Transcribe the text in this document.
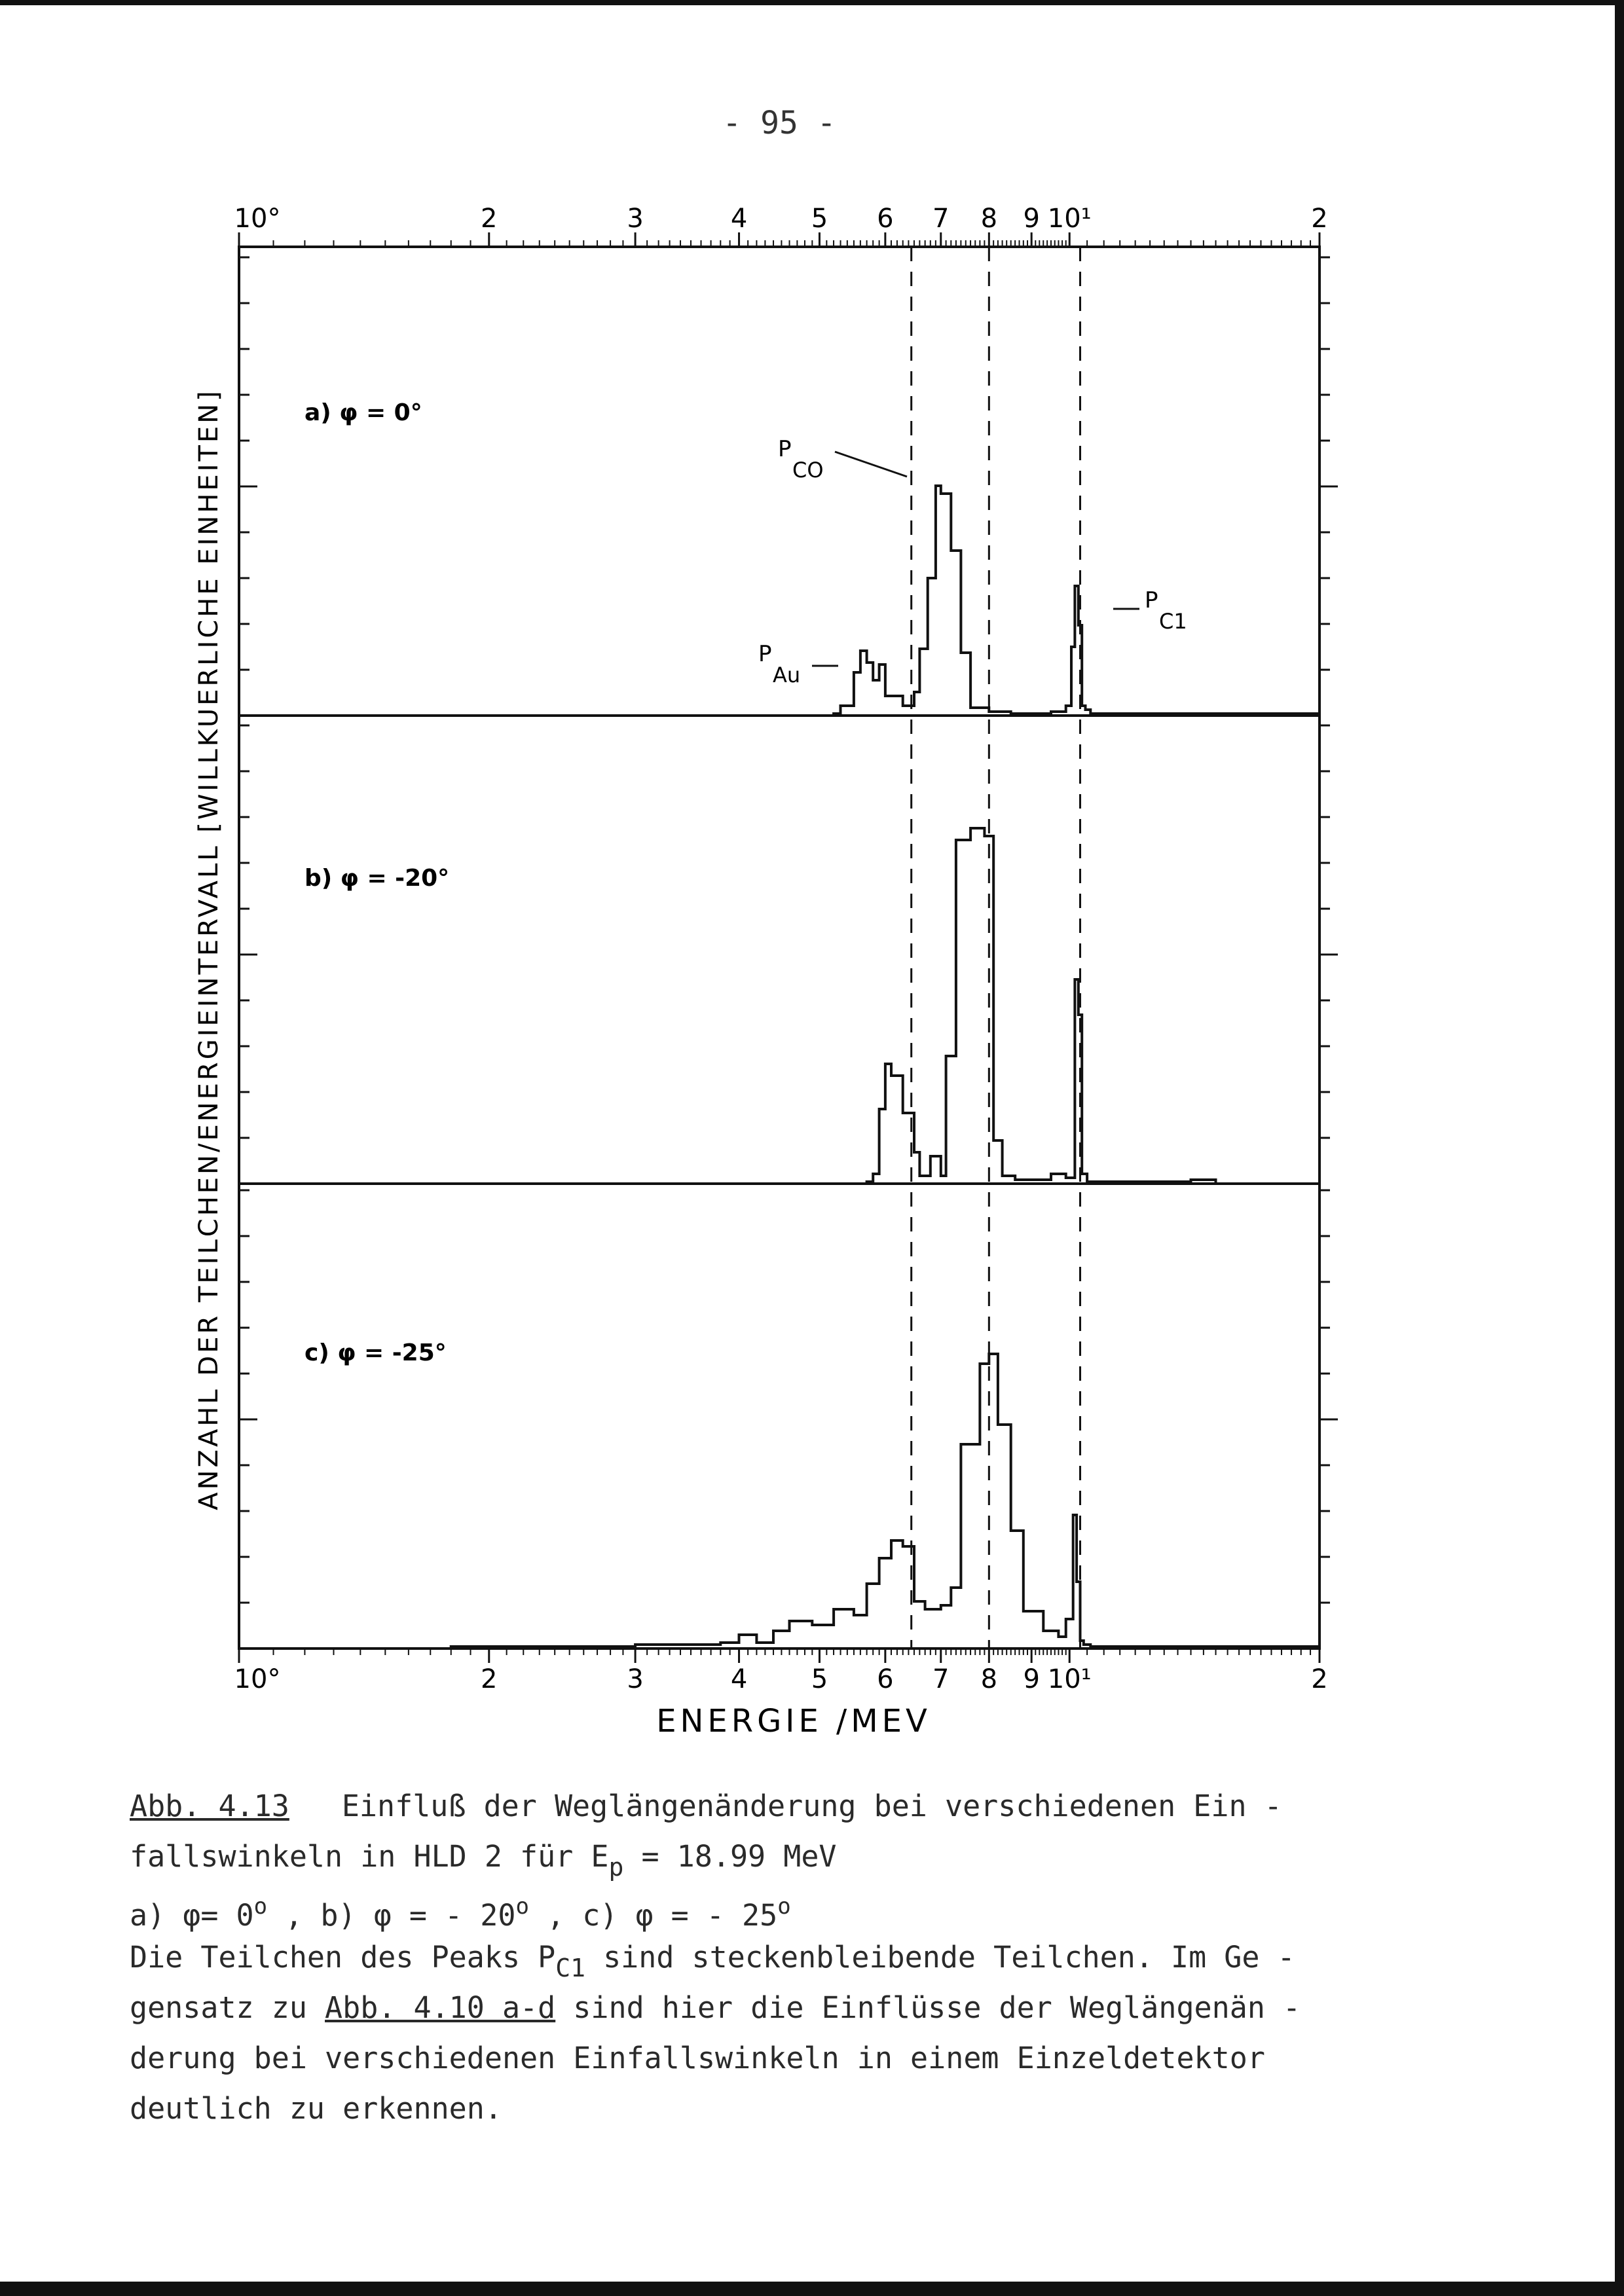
- 95 -
10°	2	3	4 5 6 7 8 9 10¹	2
10°	2	3	4 5 6 7 8 9 10¹	2
a) φ = 0°
b) φ = -20°
c) φ = -25°
P
CO
P
Au
P
C1
ENERGIE /MEV
ANZAHL DER TEILCHEN/ENERGIEINTERVALL [WILLKUERLICHE EINHEITEN]
Abb. 4.13 Einfluß der Weglängenänderung bei verschiedenen Ein -
fallswinkeln in HLD 2 für $E_p = 18.99$ MeV
a) $\varphi= 0^o$ , b) φ = - 20$^o$ , c) φ = - 25$^o$
Die Teilchen des Peaks $P_{C1}$ sind steckenbleibende Teilchen. Im Ge -
gensatz zu Abb. 4.10 a-d sind hier die Einflüsse der Weglängenän -
derung bei verschiedenen Einfallswinkeln in einem Einzeldetektor
deutlich zu erkennen.
